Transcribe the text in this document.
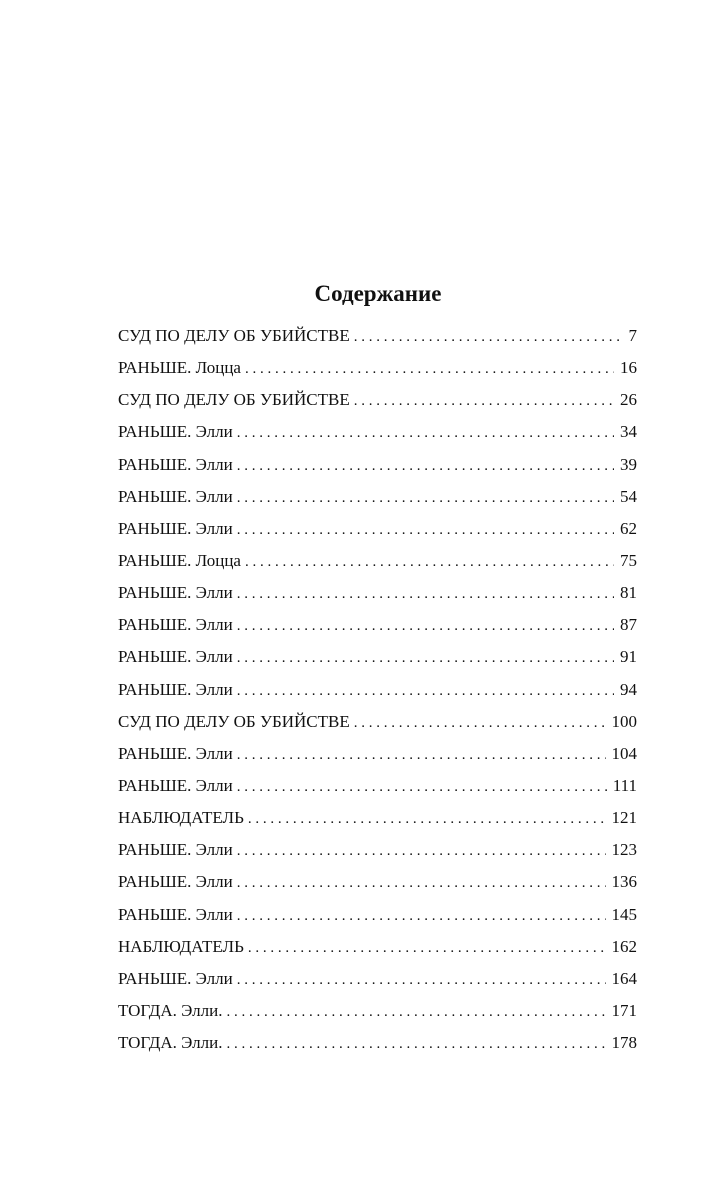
Содержание
СУД ПО ДЕЛУ ОБ УБИЙСТВЕ . . .	7
РАНЬШЕ. Лоцца . . .	16
СУД ПО ДЕЛУ ОБ УБИЙСТВЕ . . .	26
РАНЬШЕ. Элли . . .	34
РАНЬШЕ. Элли . . .	39
РАНЬШЕ. Элли . . .	54
РАНЬШЕ. Элли . . .	62
РАНЬШЕ. Лоцца . . .	75
РАНЬШЕ. Элли . . .	81
РАНЬШЕ. Элли . . .	87
РАНЬШЕ. Элли . . .	91
РАНЬШЕ. Элли . . .	94
СУД ПО ДЕЛУ ОБ УБИЙСТВЕ . . .	100
РАНЬШЕ. Элли . . .	104
РАНЬШЕ. Элли . . .	111
НАБЛЮДАТЕЛЬ . . .	121
РАНЬШЕ. Элли . . .	123
РАНЬШЕ. Элли . . .	136
РАНЬШЕ. Элли . . .	145
НАБЛЮДАТЕЛЬ . . .	162
РАНЬШЕ. Элли . . .	164
ТОГДА. Элли. . . .	171
ТОГДА. Элли. . . .	178
